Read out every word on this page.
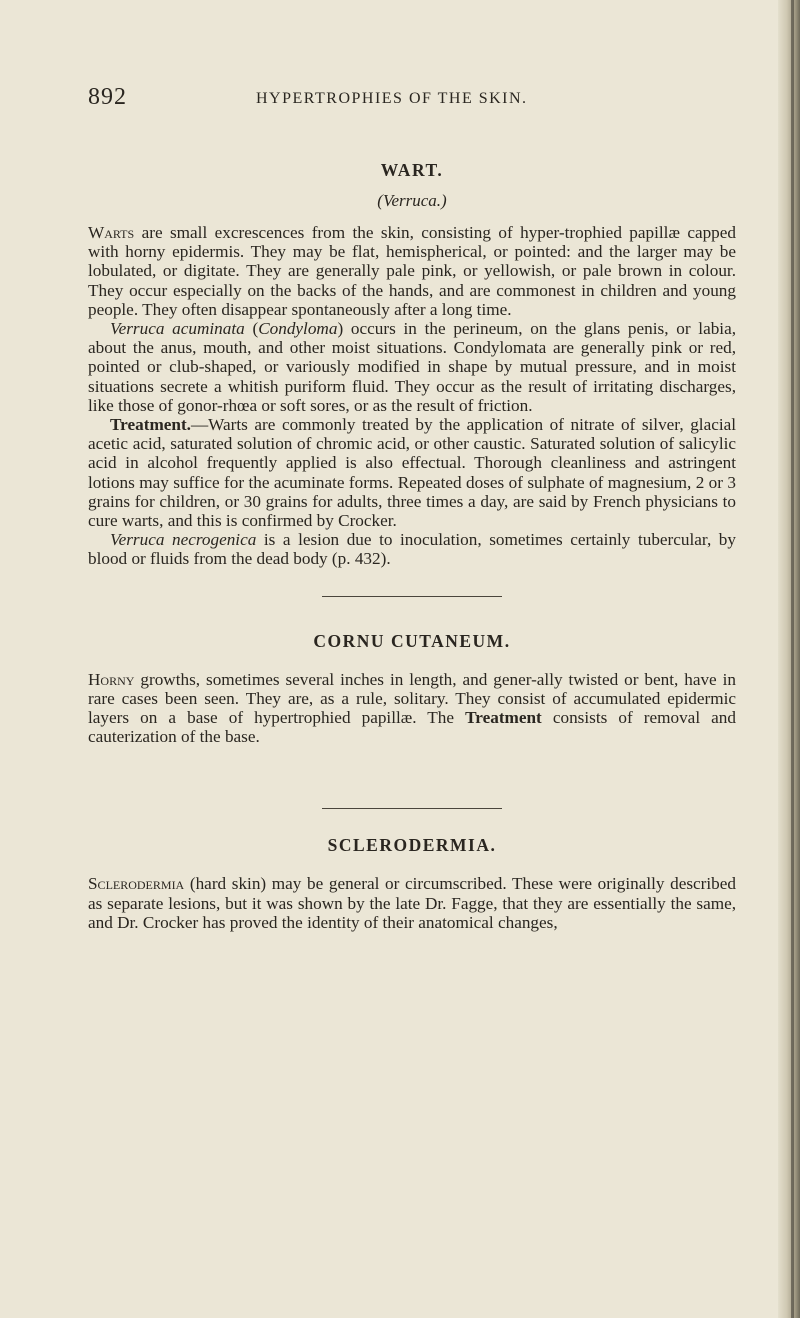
892	HYPERTROPHIES OF THE SKIN.
WART.
(Verruca.)

Warts are small excrescences from the skin, consisting of hyper-trophied papillæ capped with horny epidermis. They may be flat, hemispherical, or pointed: and the larger may be lobulated, or digitate. They are generally pale pink, or yellowish, or pale brown in colour. They occur especially on the backs of the hands, and are commonest in children and young people. They often disappear spontaneously after a long time.

Verruca acuminata (Condyloma) occurs in the perineum, on the glans penis, or labia, about the anus, mouth, and other moist situations. Condylomata are generally pink or red, pointed or club-shaped, or variously modified in shape by mutual pressure, and in moist situations secrete a whitish puriform fluid. They occur as the result of irritating discharges, like those of gonor-rhœa or soft sores, or as the result of friction.

Treatment.—Warts are commonly treated by the application of nitrate of silver, glacial acetic acid, saturated solution of chromic acid, or other caustic. Saturated solution of salicylic acid in alcohol frequently applied is also effectual. Thorough cleanliness and astringent lotions may suffice for the acuminate forms. Repeated doses of sulphate of magnesium, 2 or 3 grains for children, or 30 grains for adults, three times a day, are said by French physicians to cure warts, and this is confirmed by Crocker.

Verruca necrogenica is a lesion due to inoculation, sometimes certainly tubercular, by blood or fluids from the dead body (p. 432).

CORNU CUTANEUM.

Horny growths, sometimes several inches in length, and gener-ally twisted or bent, have in rare cases been seen. They are, as a rule, solitary. They consist of accumulated epidermic layers on a base of hypertrophied papillæ. The Treatment consists of removal and cauterization of the base.

SCLERODERMIA.

Sclerodermia (hard skin) may be general or circumscribed. These were originally described as separate lesions, but it was shown by the late Dr. Fagge, that they are essentially the same, and Dr. Crocker has proved the identity of their anatomical changes,
